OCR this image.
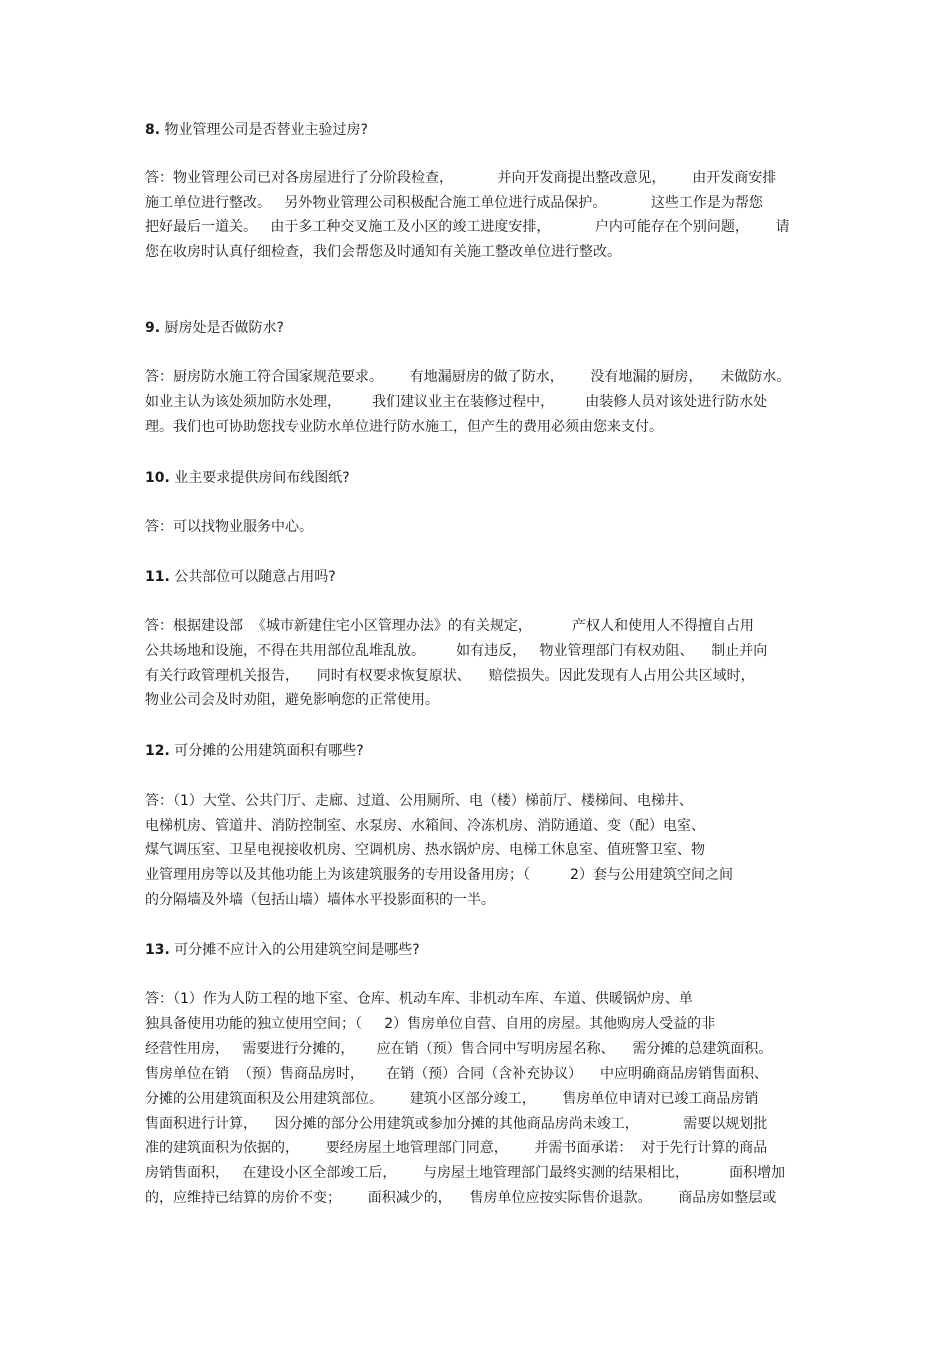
8. 物业管理公司是否替业主验过房?
答：物业管理公司已对各房屋进行了分阶段检查，          并向开发商提出整改意见，      由开发商安排
施工单位进行整改。   另外物业管理公司积极配合施工单位进行成品保护。          这些工作是为帮您
把好最后一道关。   由于多工种交叉施工及小区的竣工进度安排，          户内可能存在个别问题，      请
您在收房时认真仔细检查，我们会帮您及时通知有关施工整改单位进行整改。
9. 厨房处是否做防水?
答：厨房防水施工符合国家规范要求。      有地漏厨房的做了防水，      没有地漏的厨房，    未做防水。
如业主认为该处须加防水处理，       我们建议业主在装修过程中，       由装修人员对该处进行防水处
理。我们也可协助您找专业防水单位进行防水施工，但产生的费用必须由您来支付。
10. 业主要求提供房间布线图纸?
答：可以找物业服务中心。
11. 公共部位可以随意占用吗?
答：根据建设部  《城市新建住宅小区管理办法》的有关规定，         产权人和使用人不得擅自占用
公共场地和设施，不得在共用部位乱堆乱放。       如有违反，   物业管理部门有权劝阻、    制止并向
有关行政管理机关报告，    同时有权要求恢复原状、    赔偿损失。因此发现有人占用公共区域时，
物业公司会及时劝阻，避免影响您的正常使用。
12. 可分摊的公用建筑面积有哪些?
答：（1）大堂、公共门厅、走廊、过道、公用厕所、电（楼）梯前厅、楼梯间、电梯井、
电梯机房、管道井、消防控制室、水泵房、水箱间、冷冻机房、消防通道、变（配）电室、
煤气调压室、卫星电视接收机房、空调机房、热水锅炉房、电梯工休息室、值班警卫室、物
业管理用房等以及其他功能上为该建筑服务的专用设备用房；（         2）套与公用建筑空间之间
的分隔墙及外墙（包括山墙）墙体水平投影面积的一半。
13. 可分摊不应计入的公用建筑空间是哪些?
答：（1）作为人防工程的地下室、仓库、机动车库、非机动车库、车道、供暖锅炉房、单
独具备使用功能的独立使用空间；（     2）售房单位自营、自用的房屋。其他购房人受益的非
经营性用房，   需要进行分摊的，     应在销（预）售合同中写明房屋名称、    需分摊的总建筑面积。
售房单位在销  （预）售商品房时，     在销（预）合同（含补充协议）    中应明确商品房销售面积、
分摊的公用建筑面积及公用建筑部位。      建筑小区部分竣工，      售房单位申请对已竣工商品房销
售面积进行计算，    因分摊的部分公用建筑或参加分摊的其他商品房尚未竣工，          需要以规划批
准的建筑面积为依据的，      要经房屋土地管理部门同意，      并需书面承诺：  对于先行计算的商品
房销售面积，   在建设小区全部竣工后，      与房屋土地管理部门最终实测的结果相比，         面积增加
的，应维持已结算的房价不变；      面积减少的，    售房单位应按实际售价退款。      商品房如整层或
